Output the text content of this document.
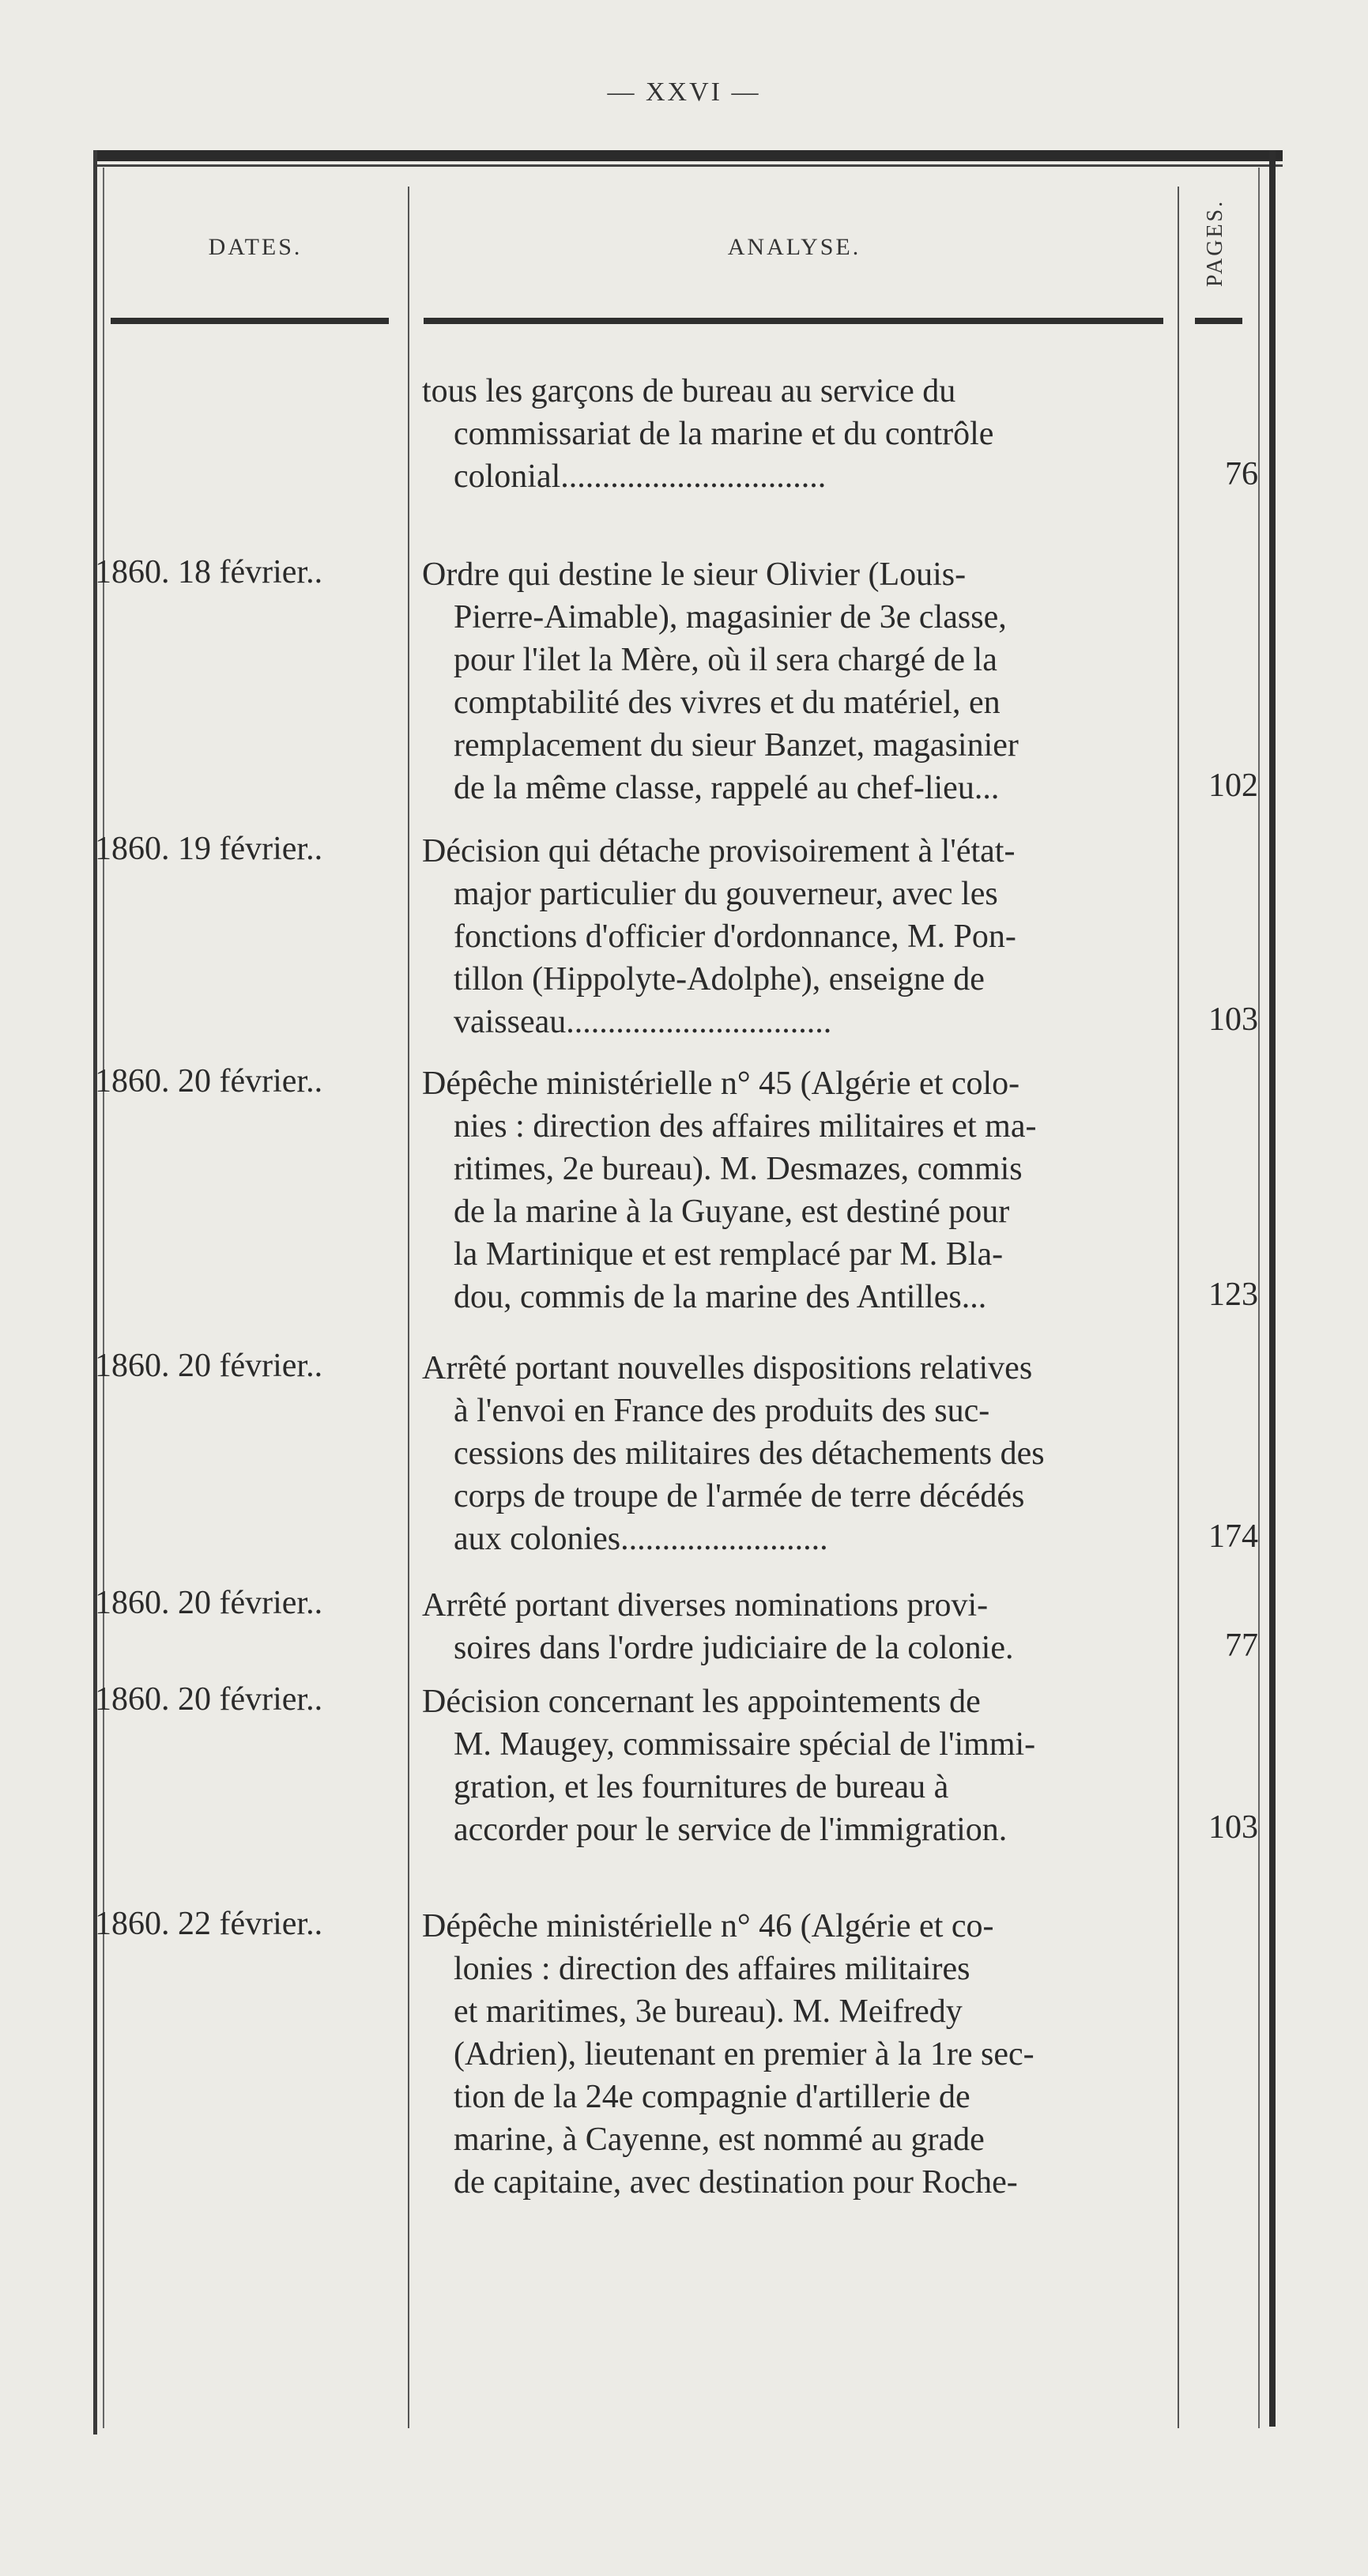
— XXVI —
DATES.	ANALYSE.	PAGES.
tous les garçons de bureau au service du
commissariat de la marine et du contrôle
colonial................................	76
1860. 18 février..	Ordre qui destine le sieur Olivier (Louis-
Pierre-Aimable), magasinier de 3e classe,
pour l'ilet la Mère, où il sera chargé de la
comptabilité des vivres et du matériel, en
remplacement du sieur Banzet, magasinier
de la même classe, rappelé au chef-lieu...	102
1860. 19 février..	Décision qui détache provisoirement à l'état-
major particulier du gouverneur, avec les
fonctions d'officier d'ordonnance, M. Pon-
tillon (Hippolyte-Adolphe), enseigne de
vaisseau................................	103
1860. 20 février..	Dépêche ministérielle n° 45 (Algérie et colo-
nies : direction des affaires militaires et ma-
ritimes, 2e bureau). M. Desmazes, commis
de la marine à la Guyane, est destiné pour
la Martinique et est remplacé par M. Bla-
dou, commis de la marine des Antilles...	123
1860. 20 février..	Arrêté portant nouvelles dispositions relatives
à l'envoi en France des produits des suc-
cessions des militaires des détachements des
corps de troupe de l'armée de terre décédés
aux colonies.........................	174
1860. 20 février..	Arrêté portant diverses nominations provi-
soires dans l'ordre judiciaire de la colonie.	77
1860. 20 février..	Décision concernant les appointements de
M. Maugey, commissaire spécial de l'immi-
gration, et les fournitures de bureau à
accorder pour le service de l'immigration.	103
1860. 22 février..	Dépêche ministérielle n° 46 (Algérie et co-
lonies : direction des affaires militaires
et maritimes, 3e bureau). M. Meifredy
(Adrien), lieutenant en premier à la 1re sec-
tion de la 24e compagnie d'artillerie de
marine, à Cayenne, est nommé au grade
de capitaine, avec destination pour Roche-
